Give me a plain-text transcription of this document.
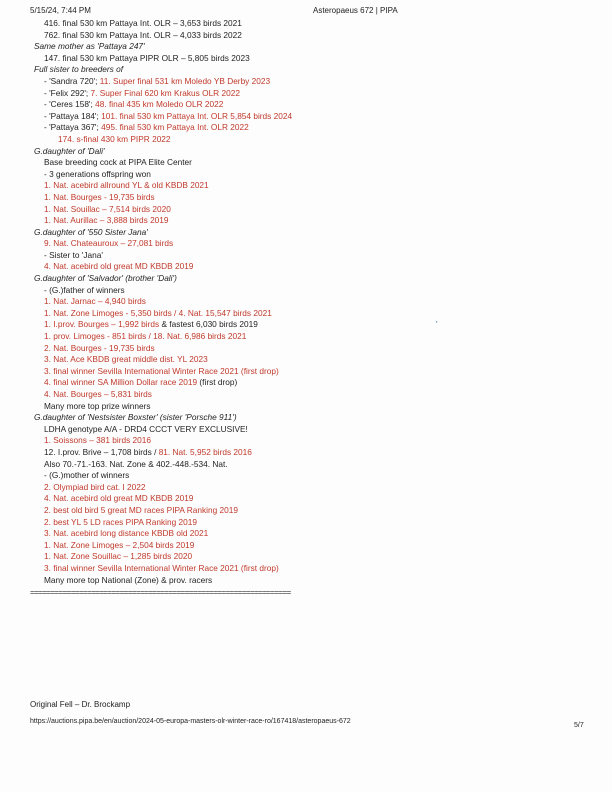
5/15/24, 7:44 PM	Asteropaeus 672 | PIPA
416. final 530 km Pattaya Int. OLR – 3,653 birds 2021
762. final 530 km Pattaya Int. OLR – 4,033 birds 2022
Same mother as 'Pattaya 247'
147. final 530 km Pattaya PIPR OLR – 5,805 birds 2023
Full sister to breeders of
- 'Sandra 720'; 11. Super final 531 km Moledo YB Derby 2023
- 'Felix 292'; 7. Super Final 620 km Krakus OLR 2022
- 'Ceres 158'; 48. final 435 km Moledo OLR 2022
- 'Pattaya 184'; 101. final 530 km Pattaya Int. OLR 5,854 birds 2024
- 'Pattaya 367'; 495. final 530 km Pattaya Int. OLR 2022
174. s-final 430 km PIPR 2022
G.daughter of 'Dali'
Base breeding cock at PIPA Elite Center
- 3 generations offspring won
1. Nat. acebird allround YL & old KBDB 2021
1. Nat. Bourges - 19,735 birds
1. Nat. Souillac – 7,514 birds 2020
1. Nat. Aurillac – 3,888 birds 2019
G.daughter of '550 Sister Jana'
9. Nat. Chateauroux – 27,081 birds
- Sister to 'Jana'
4. Nat. acebird old great MD KBDB 2019
G.daughter of 'Salvador' (brother 'Dali')
- (G.)father of winners
1. Nat. Jarnac – 4,940 birds
1. Nat. Zone Limoges - 5,350 birds / 4. Nat. 15,547 birds 2021
1. I.prov. Bourges – 1,992 birds & fastest 6,030 birds 2019
1. prov. Limoges - 851 birds / 18. Nat. 6,986 birds 2021
2. Nat. Bourges - 19,735 birds
3. Nat. Ace KBDB great middle dist. YL 2023
3. final winner Sevilla International Winter Race 2021 (first drop)
4. final winner SA Million Dollar race 2019 (first drop)
4. Nat. Bourges – 5,831 birds
Many more top prize winners
G.daughter of 'Nestsister Boxster' (sister 'Porsche 911')
LDHA genotype A/A - DRD4 CCCT VERY EXCLUSIVE!
1. Soissons – 381 birds 2016
12. I.prov. Brive – 1,708 birds / 81. Nat. 5,952 birds 2016
Also 70.-71.-163. Nat. Zone & 402.-448.-534. Nat.
- (G.)mother of winners
2. Olympiad bird cat. I 2022
4. Nat. acebird old great MD KBDB 2019
2. best old bird 5 great MD races PIPA Ranking 2019
2. best YL 5 LD races PIPA Ranking 2019
3. Nat. acebird long distance KBDB old 2021
1. Nat. Zone Limoges – 2,504 birds 2019
1. Nat. Zone Souillac – 1,285 birds 2020
3. final winner Sevilla International Winter Race 2021 (first drop)
Many more top National (Zone) & prov. racers
================================================================
'
Original Fell – Dr. Brockamp
https://auctions.pipa.be/en/auction/2024-05-europa-masters-olr-winter-race-ro/167418/asteropaeus-672
5/7
